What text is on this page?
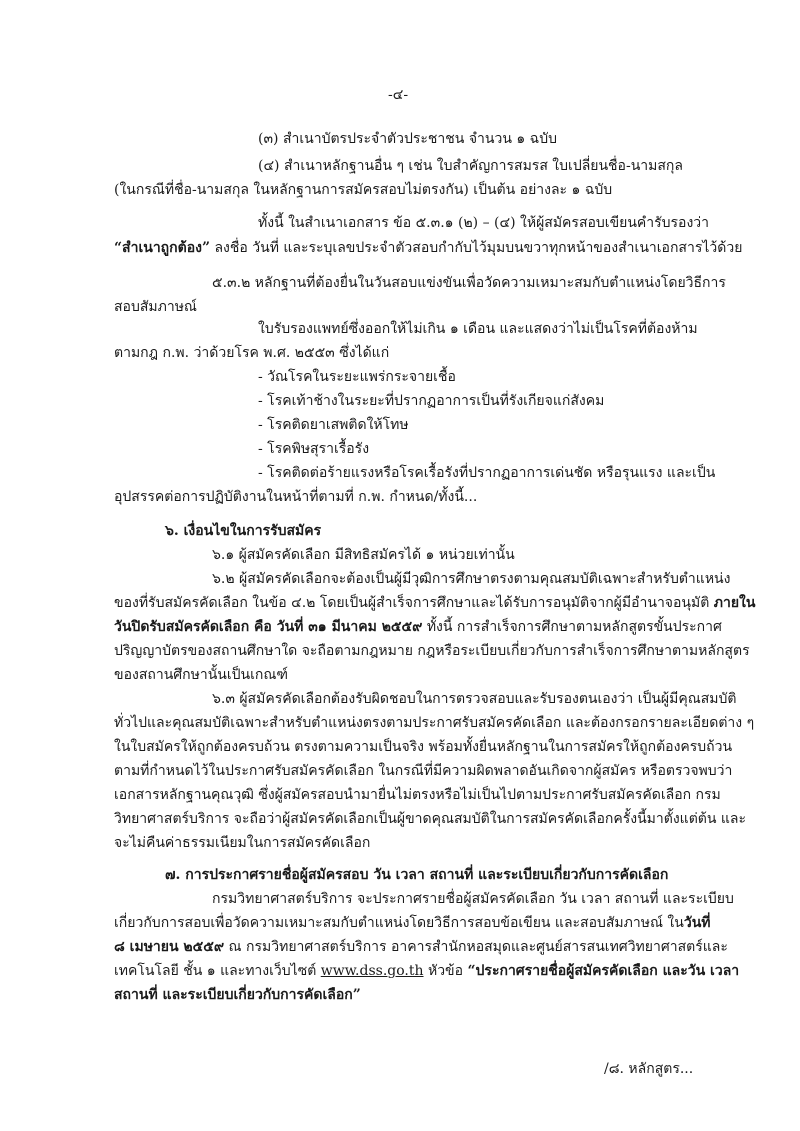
-๔-
(๓) สำเนาบัตรประจำตัวประชาชน จำนวน ๑ ฉบับ
(๔) สำเนาหลักฐานอื่น ๆ เช่น ใบสำคัญการสมรส ใบเปลี่ยนชื่อ-นามสกุล
(ในกรณีที่ชื่อ-นามสกุล ในหลักฐานการสมัครสอบไม่ตรงกัน) เป็นต้น อย่างละ ๑ ฉบับ
ทั้งนี้ ในสำเนาเอกสาร ข้อ ๕.๓.๑ (๒) – (๔) ให้ผู้สมัครสอบเขียนคำรับรองว่า
“สำเนาถูกต้อง” ลงชื่อ วันที่ และระบุเลขประจำตัวสอบกำกับไว้มุมบนขวาทุกหน้าของสำเนาเอกสารไว้ด้วย
๕.๓.๒ หลักฐานที่ต้องยื่นในวันสอบแข่งขันเพื่อวัดความเหมาะสมกับตำแหน่งโดยวิธีการ
สอบสัมภาษณ์
ใบรับรองแพทย์ซึ่งออกให้ไม่เกิน ๑ เดือน และแสดงว่าไม่เป็นโรคที่ต้องห้าม
ตามกฎ ก.พ. ว่าด้วยโรค พ.ศ. ๒๕๕๓ ซึ่งได้แก่
- วัณโรคในระยะแพร่กระจายเชื้อ
- โรคเท้าช้างในระยะที่ปรากฏอาการเป็นที่รังเกียจแก่สังคม
- โรคติดยาเสพติดให้โทษ
- โรคพิษสุราเรื้อรัง
- โรคติดต่อร้ายแรงหรือโรคเรื้อรังที่ปรากฏอาการเด่นชัด หรือรุนแรง และเป็น
อุปสรรคต่อการปฏิบัติงานในหน้าที่ตามที่ ก.พ. กำหนด/ทั้งนี้...
๖. เงื่อนไขในการรับสมัคร
๖.๑ ผู้สมัครคัดเลือก มีสิทธิสมัครได้ ๑ หน่วยเท่านั้น
๖.๒ ผู้สมัครคัดเลือกจะต้องเป็นผู้มีวุฒิการศึกษาตรงตามคุณสมบัติเฉพาะสำหรับตำแหน่ง
ของที่รับสมัครคัดเลือก ในข้อ ๔.๒ โดยเป็นผู้สำเร็จการศึกษาและได้รับการอนุมัติจากผู้มีอำนาจอนุมัติ ภายใน
วันปิดรับสมัครคัดเลือก คือ วันที่ ๓๑ มีนาคม ๒๕๕๙ ทั้งนี้ การสำเร็จการศึกษาตามหลักสูตรขั้นประกาศ
ปริญญาบัตรของสถานศึกษาใด จะถือตามกฎหมาย กฎหรือระเบียบเกี่ยวกับการสำเร็จการศึกษาตามหลักสูตร
ของสถานศึกษานั้นเป็นเกณฑ์
๖.๓ ผู้สมัครคัดเลือกต้องรับผิดชอบในการตรวจสอบและรับรองตนเองว่า เป็นผู้มีคุณสมบัติ
ทั่วไปและคุณสมบัติเฉพาะสำหรับตำแหน่งตรงตามประกาศรับสมัครคัดเลือก และต้องกรอกรายละเอียดต่าง ๆ
ในใบสมัครให้ถูกต้องครบถ้วน ตรงตามความเป็นจริง พร้อมทั้งยื่นหลักฐานในการสมัครให้ถูกต้องครบถ้วน
ตามที่กำหนดไว้ในประกาศรับสมัครคัดเลือก ในกรณีที่มีความผิดพลาดอันเกิดจากผู้สมัคร หรือตรวจพบว่า
เอกสารหลักฐานคุณวุฒิ ซึ่งผู้สมัครสอบนำมายื่นไม่ตรงหรือไม่เป็นไปตามประกาศรับสมัครคัดเลือก กรม
วิทยาศาสตร์บริการ จะถือว่าผู้สมัครคัดเลือกเป็นผู้ขาดคุณสมบัติในการสมัครคัดเลือกครั้งนี้มาตั้งแต่ต้น และ
จะไม่คืนค่าธรรมเนียมในการสมัครคัดเลือก
๗. การประกาศรายชื่อผู้สมัครสอบ วัน เวลา สถานที่ และระเบียบเกี่ยวกับการคัดเลือก
กรมวิทยาศาสตร์บริการ จะประกาศรายชื่อผู้สมัครคัดเลือก วัน เวลา สถานที่ และระเบียบ
เกี่ยวกับการสอบเพื่อวัดความเหมาะสมกับตำแหน่งโดยวิธีการสอบข้อเขียน และสอบสัมภาษณ์ ในวันที่
๘ เมษายน ๒๕๕๙ ณ กรมวิทยาศาสตร์บริการ อาคารสำนักหอสมุดและศูนย์สารสนเทศวิทยาศาสตร์และ
เทคโนโลยี ชั้น ๑ และทางเว็บไซต์ www.dss.go.th หัวข้อ “ประกาศรายชื่อผู้สมัครคัดเลือก และวัน เวลา
สถานที่ และระเบียบเกี่ยวกับการคัดเลือก”
/๘. หลักสูตร...
